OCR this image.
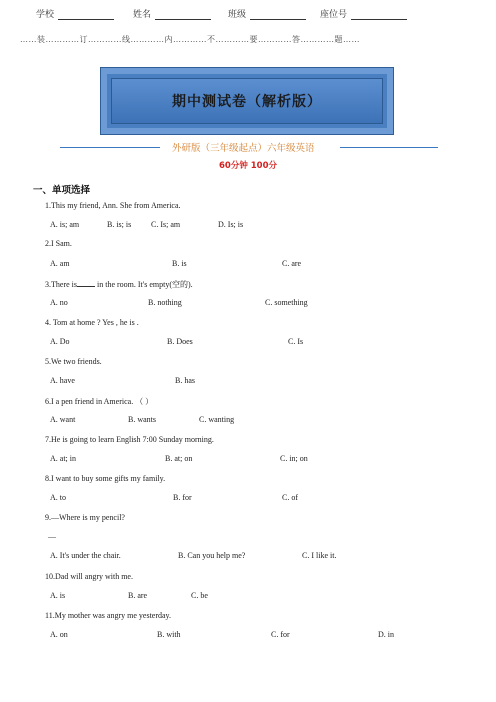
学校	姓名	班级	座位号
……装…………订…………线…………内…………不…………要…………答…………题……
期中测试卷（解析版）
外研版（三年级起点）六年级英语
60分钟 100分
一、单项选择
1.This my friend, Ann. She from America.
A. is; am	B. is; is C. Is; am	D. Is; is
2.I Sam.
A. am	B. is	C. are
3.There is in the room. It's empty(空的).
A. no	B. nothing	C. something
4. Tom at home ? Yes , he is .
A. Do	B. Does	C. Is
5.We two friends.
A. have	B. has
6.I a pen friend in America. （ ）
A. want	B. wants	C. wanting
7.He is going to learn English 7:00 Sunday morning.
A. at; in	B. at; on	C. in; on
8.I want to buy some gifts my family.
A. to	B. for	C. of
9.—Where is my pencil?
—
A. It's under the chair.	B. Can you help me?	C. I like it.
10.Dad will angry with me.
A. is	B. are	C. be
11.My mother was angry me yesterday.
A. on	B. with	C. for	D. in
